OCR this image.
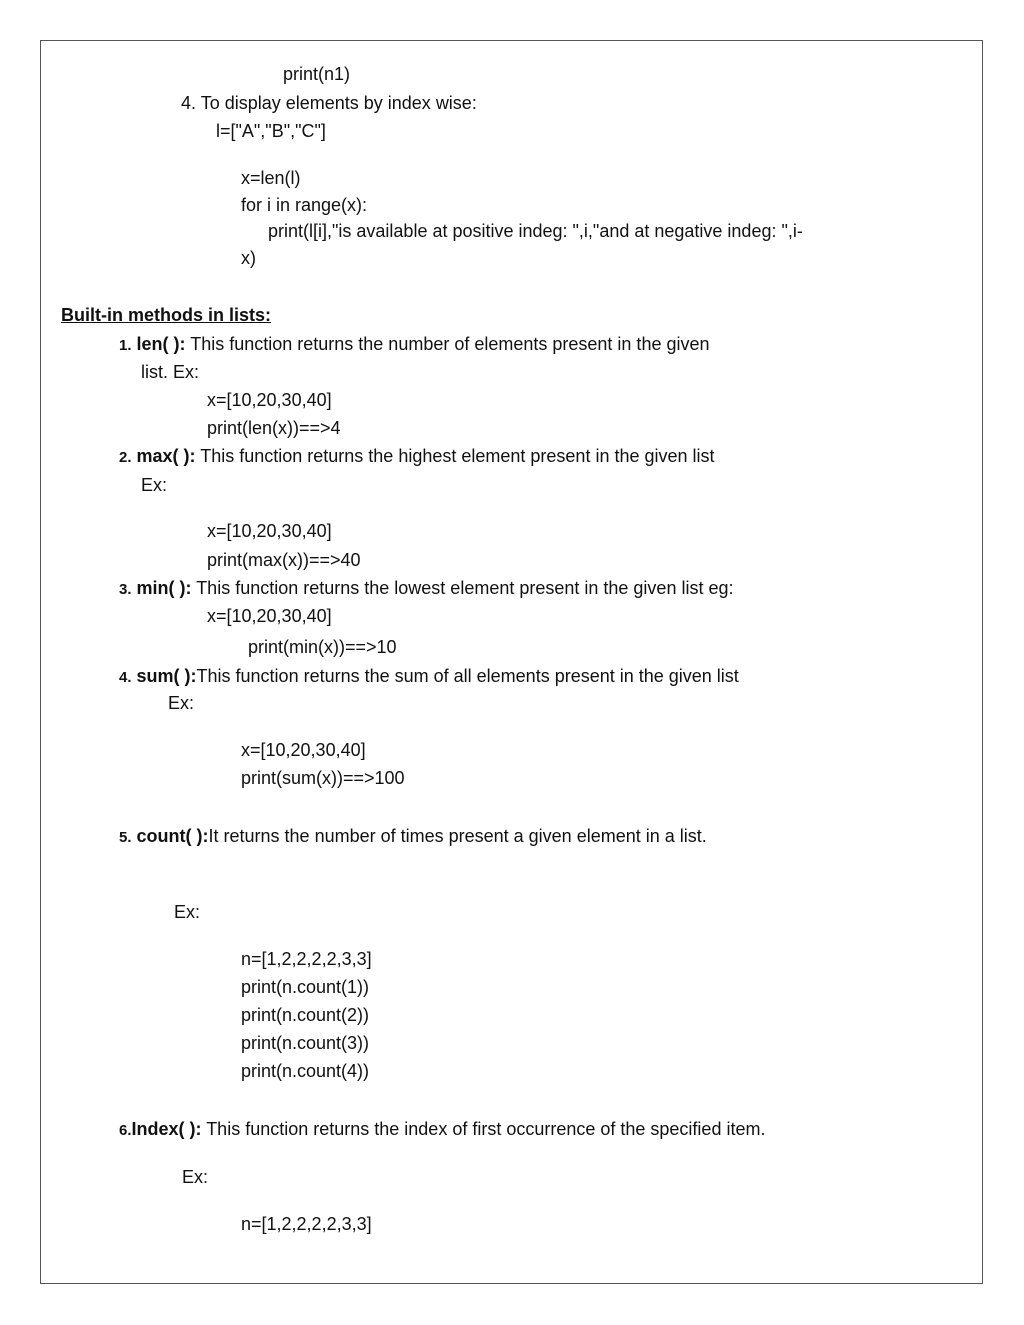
print(n1)
4. To display elements by index wise:
l=["A","B","C"]
x=len(l)
for i in range(x):
print(l[i],"is available at positive indeg: ",i,"and at negative indeg: ",i-
x)
Built-in methods in lists:
1. len( ): This function returns the number of elements present in the given
list. Ex:
x=[10,20,30,40]
print(len(x))==>4
2. max( ): This function returns the highest element present in the given list
Ex:
x=[10,20,30,40]
print(max(x))==>40
3. min( ): This function returns the lowest element present in the given list eg:
x=[10,20,30,40]
print(min(x))==>10
4. sum( ):This function returns the sum of all elements present in the given list
Ex:
x=[10,20,30,40]
print(sum(x))==>100
5. count( ):It returns the number of times present a given element in a list.
Ex:
n=[1,2,2,2,2,3,3]
print(n.count(1))
print(n.count(2))
print(n.count(3))
print(n.count(4))
6.Index( ): This function returns the index of first occurrence of the specified item.
Ex:
n=[1,2,2,2,2,3,3]
